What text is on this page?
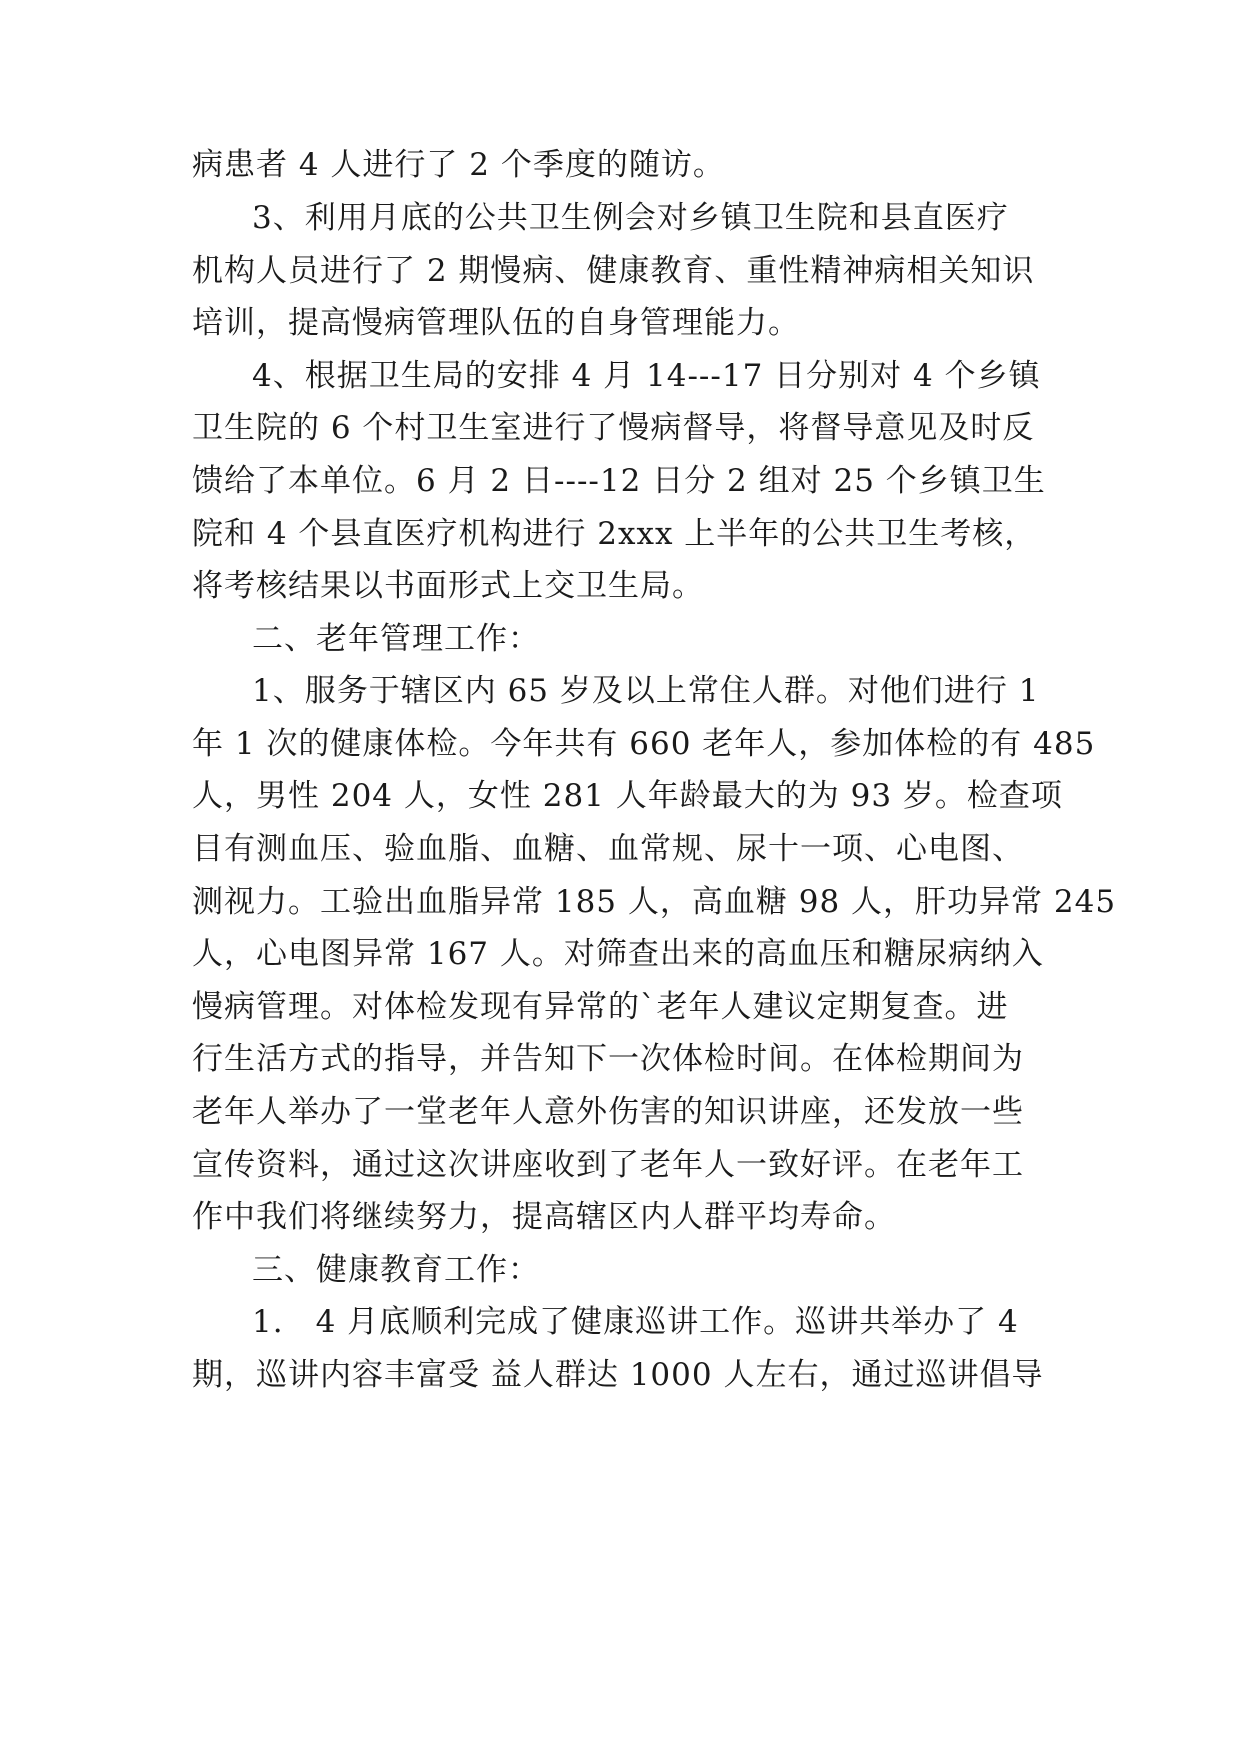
病患者 4 人进行了 2 个季度的随访。
3、利用月底的公共卫生例会对乡镇卫生院和县直医疗
机构人员进行了 2 期慢病、健康教育、重性精神病相关知识
培训，提高慢病管理队伍的自身管理能力。
4、根据卫生局的安排 4 月 14---17 日分别对 4 个乡镇
卫生院的 6 个村卫生室进行了慢病督导，将督导意见及时反
馈给了本单位。6 月 2 日----12 日分 2 组对 25 个乡镇卫生
院和 4 个县直医疗机构进行 2xxx 上半年的公共卫生考核，
将考核结果以书面形式上交卫生局。
二、老年管理工作：
1、服务于辖区内 65 岁及以上常住人群。对他们进行 1
年 1 次的健康体检。今年共有 660 老年人，参加体检的有 485
人，男性 204 人，女性 281 人年龄最大的为 93 岁。检查项
目有测血压、验血脂、血糖、血常规、尿十一项、心电图、
测视力。工验出血脂异常 185 人，高血糖 98 人，肝功异常 245
人，心电图异常 167 人。对筛查出来的高血压和糖尿病纳入
慢病管理。对体检发现有异常的`老年人建议定期复查。进
行生活方式的指导，并告知下一次体检时间。在体检期间为
老年人举办了一堂老年人意外伤害的知识讲座，还发放一些
宣传资料，通过这次讲座收到了老年人一致好评。在老年工
作中我们将继续努力，提高辖区内人群平均寿命。
三、健康教育工作：
1.　4 月底顺利完成了健康巡讲工作。巡讲共举办了 4
期，巡讲内容丰富受 益人群达 1000 人左右，通过巡讲倡导
